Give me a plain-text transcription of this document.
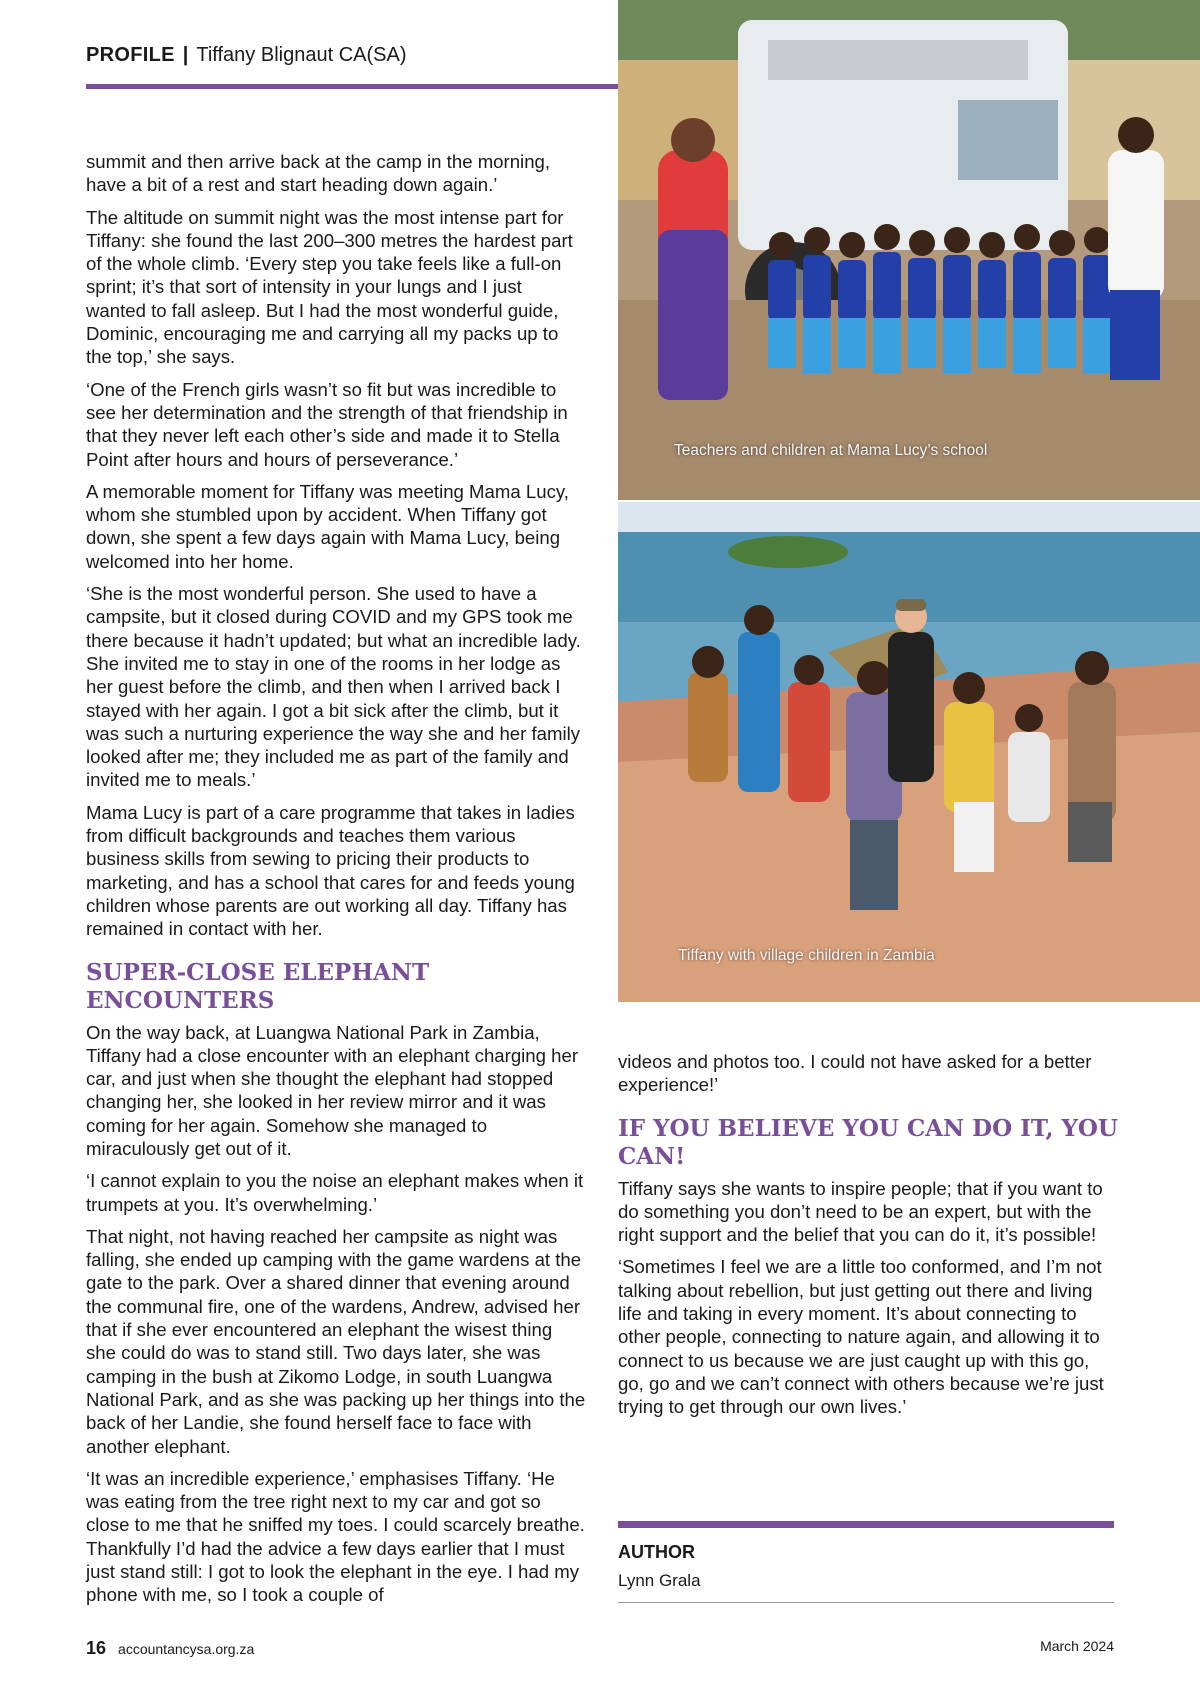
PROFILE | Tiffany Blignaut CA(SA)

summit and then arrive back at the camp in the morning, have a bit of a rest and start heading down again.’

The altitude on summit night was the most intense part for Tiffany: she found the last 200–300 metres the hardest part of the whole climb. ‘Every step you take feels like a full-on sprint; it’s that sort of intensity in your lungs and I just wanted to fall asleep. But I had the most wonderful guide, Dominic, encouraging me and carrying all my packs up to the top,’ she says.

‘One of the French girls wasn’t so fit but was incredible to see her determination and the strength of that friendship in that they never left each other’s side and made it to Stella Point after hours and hours of perseverance.’

A memorable moment for Tiffany was meeting Mama Lucy, whom she stumbled upon by accident. When Tiffany got down, she spent a few days again with Mama Lucy, being welcomed into her home.

‘She is the most wonderful person. She used to have a campsite, but it closed during COVID and my GPS took me there because it hadn’t updated; but what an incredible lady. She invited me to stay in one of the rooms in her lodge as her guest before the climb, and then when I arrived back I stayed with her again. I got a bit sick after the climb, but it was such a nurturing experience the way she and her family looked after me; they included me as part of the family and invited me to meals.’

Mama Lucy is part of a care programme that takes in ladies from difficult backgrounds and teaches them various business skills from sewing to pricing their products to marketing, and has a school that cares for and feeds young children whose parents are out working all day. Tiffany has remained in contact with her.

SUPER-CLOSE ELEPHANT ENCOUNTERS

On the way back, at Luangwa National Park in Zambia, Tiffany had a close encounter with an elephant charging her car, and just when she thought the elephant had stopped changing her, she looked in her review mirror and it was coming for her again. Somehow she managed to miraculously get out of it.

‘I cannot explain to you the noise an elephant makes when it trumpets at you. It’s overwhelming.’

That night, not having reached her campsite as night was falling, she ended up camping with the game wardens at the gate to the park. Over a shared dinner that evening around the communal fire, one of the wardens, Andrew, advised her that if she ever encountered an elephant the wisest thing she could do was to stand still. Two days later, she was camping in the bush at Zikomo Lodge, in south Luangwa National Park, and as she was packing up her things into the back of her Landie, she found herself face to face with another elephant.

‘It was an incredible experience,’ emphasises Tiffany. ‘He was eating from the tree right next to my car and got so close to me that he sniffed my toes. I could scarcely breathe. Thankfully I’d had the advice a few days earlier that I must just stand still: I got to look the elephant in the eye. I had my phone with me, so I took a couple of

Teachers and children at Mama Lucy’s school
Tiffany with village children in Zambia

videos and photos too. I could not have asked for a better experience!’

IF YOU BELIEVE YOU CAN DO IT, YOU CAN!

Tiffany says she wants to inspire people; that if you want to do something you don’t need to be an expert, but with the right support and the belief that you can do it, it’s possible!

‘Sometimes I feel we are a little too conformed, and I’m not talking about rebellion, but just getting out there and living life and taking in every moment. It’s about connecting to other people, connecting to nature again, and allowing it to connect to us because we are just caught up with this go, go, go and we can’t connect with others because we’re just trying to get through our own lives.’

AUTHOR
Lynn Grala
16 accountancysa.org.za	March 2024
